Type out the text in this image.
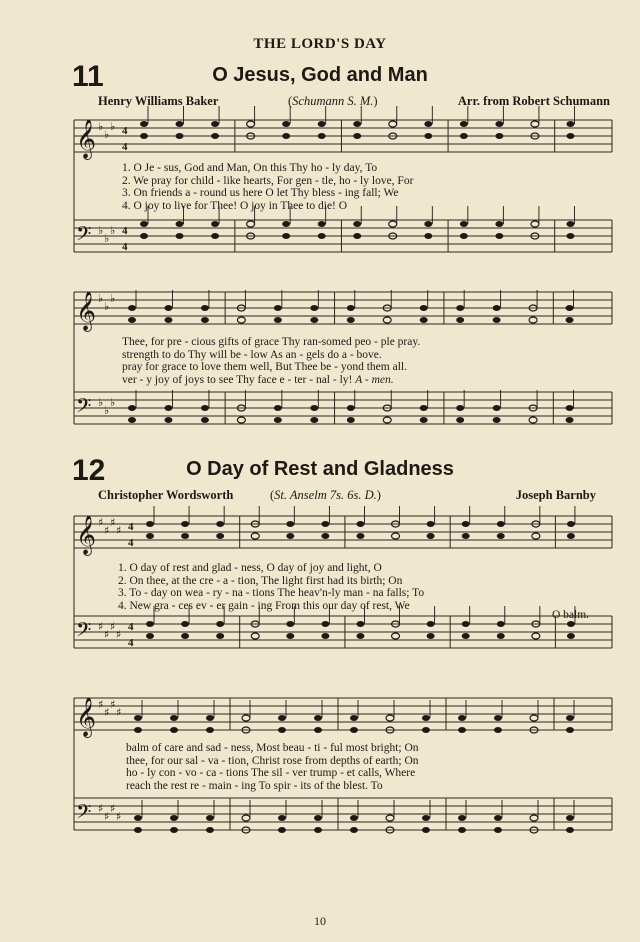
THE LORD'S DAY
11	O Jesus, God and Man
Henry Williams Baker	(Schumann S. M.)	Arr. from Robert Schumann
𝄞 ♭
♭
♭ 4
4
𝄢 ♭
♭
♭ 4
4
1. O Je - sus, God and Man, On this Thy ho - ly day, To
2. We pray for child - like hearts, For gen - tle, ho - ly love, For
3. On friends a - round us here O let Thy bless - ing fall; We
4. O joy to live for Thee! O joy in Thee to die! O
𝄞 ♭
♭
♭
𝄢 ♭
♭
♭
Thee, for pre - cious gifts of grace Thy ran-somed peo - ple pray.
strength to do Thy will be - low As an - gels do a - bove.
pray for grace to love them well, But Thee be - yond them all.
ver - y joy of joys to see Thy face e - ter - nal - ly! A - men.
12	O Day of Rest and Gladness
Christopher Wordsworth	(St. Anselm 7s. 6s. D.)	Joseph Barnby
𝄞 ♯
♯
♯
♯ 4
4
𝄢 ♯
♯
♯
♯
4
4
1. O day of rest and glad - ness, O day of joy and light, O
2. On thee, at the cre - a - tion, The light first had its birth; On
3. To - day on wea - ry - na - tions The heav'n-ly man - na falls; To
4. New gra - ces ev - er gain - ing From this our day of rest, We
O balm.
𝄞 ♯
♯
♯
♯
𝄢 ♯
♯
♯
♯
balm of care and sad - ness, Most beau - ti - ful most bright; On
thee, for our sal - va - tion, Christ rose from depths of earth; On
ho - ly con - vo - ca - tions The sil - ver trump - et calls, Where
reach the rest re - main - ing To spir - its of the blest. To
10
